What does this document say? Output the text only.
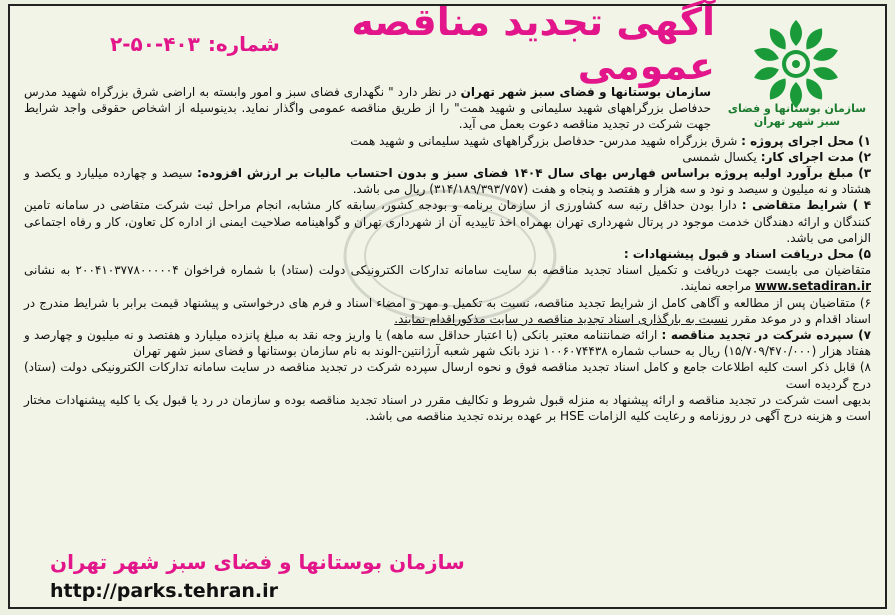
سازمان بوستانها و فضای سبز شهر تهران
آگهی تجدید مناقصه عمومی
شماره:
۲-۵۰-۴۰۳

سازمان بوستانها و فضای سبز شهر تهران در نظر دارد " نگهداری فضای سبز و امور وابسته به اراضی شرق بزرگراه شهید مدرس حدفاصل بزرگراههای شهید سلیمانی و شهید همت" را از طریق مناقصه عمومی واگذار نماید. بدینوسیله از اشخاص حقوقی واجد شرایط جهت شرکت در تجدید مناقصه دعوت بعمل می آید.

۱) محل اجرای پروژه : شرق بزرگراه شهید مدرس- حدفاصل بزرگراههای شهید سلیمانی و شهید همت

۲) مدت اجرای کار: یکسال شمسی

۳) مبلغ برآورد اولیه پروژه براساس فهارس بهای سال ۱۴۰۴ فضای سبز و بدون احتساب مالیات بر ارزش افزوده: سیصد و چهارده میلیارد و یکصد و هشتاد و نه میلیون و سیصد و نود و سه هزار و هفتصد و پنجاه و هفت (۳۱۴/۱۸۹/۳۹۳/۷۵۷) ریال می باشد.

۴ ) شرایط متقاضی : دارا بودن حداقل رتبه سه کشاورزی از سازمان برنامه و بودجه کشور، سابقه کار مشابه، انجام مراحل ثبت شرکت متقاضی در سامانه تامین کنندگان و ارائه دهندگان خدمت موجود در پرتال شهرداری تهران بهمراه اخذ تاییدیه آن از شهرداری تهران و گواهینامه صلاحیت ایمنی از اداره کل تعاون، کار و رفاه اجتماعی الزامی می باشد.

۵) محل دریافت اسناد و قبول پیشنهادات :

متقاضیان می بایست جهت دریافت و تکمیل اسناد تجدید مناقصه به سایت سامانه تدارکات الکترونیکی دولت (ستاد) با شماره فراخوان ۲۰۰۴۱۰۳۷۷۸۰۰۰۰۰۴ به نشانی www.setadiran.ir مراجعه نمایند.

۶) متقاضیان پس از مطالعه و آگاهی کامل از شرایط تجدید مناقصه، نسبت به تکمیل و مهر و امضاء اسناد و فرم های درخواستی و پیشنهاد قیمت برابر با شرایط مندرج در اسناد اقدام و در موعد مقرر نسبت به بارگذاری اسناد تجدید مناقصه در سایت مذکوراقدام نمایند.

۷) سپرده شرکت در تجدید مناقصه : ارائه ضمانتنامه معتبر بانکی (با اعتبار حداقل سه ماهه) یا واریز وجه نقد به مبلغ پانزده میلیارد و هفتصد و نه میلیون و چهارصد و هفتاد هزار (۱۵/۷۰۹/۴۷۰/۰۰۰) ریال به حساب شماره ۱۰۰۶۰۷۴۴۳۸ نزد بانک شهر شعبه آرژانتین-الوند به نام سازمان بوستانها و فضای سبز شهر تهران

۸) قابل ذکر است کلیه اطلاعات جامع و کامل اسناد تجدید مناقصه فوق و نحوه ارسال سپرده شرکت در تجدید مناقصه در سایت سامانه تدارکات الکترونیکی دولت (ستاد) درج گردیده است

بدیهی است شرکت در تجدید مناقصه و ارائه پیشنهاد به منزله قبول شروط و تکالیف مقرر در اسناد تجدید مناقصه بوده و سازمان در رد یا قبول یک یا کلیه پیشنهادات مختار است و هزینه درج آگهی در روزنامه و رعایت کلیه الزامات HSE بر عهده برنده تجدید مناقصه می باشد.

سازمان بوستانها و فضای سبز شهر تهران
http://parks.tehran.ir
